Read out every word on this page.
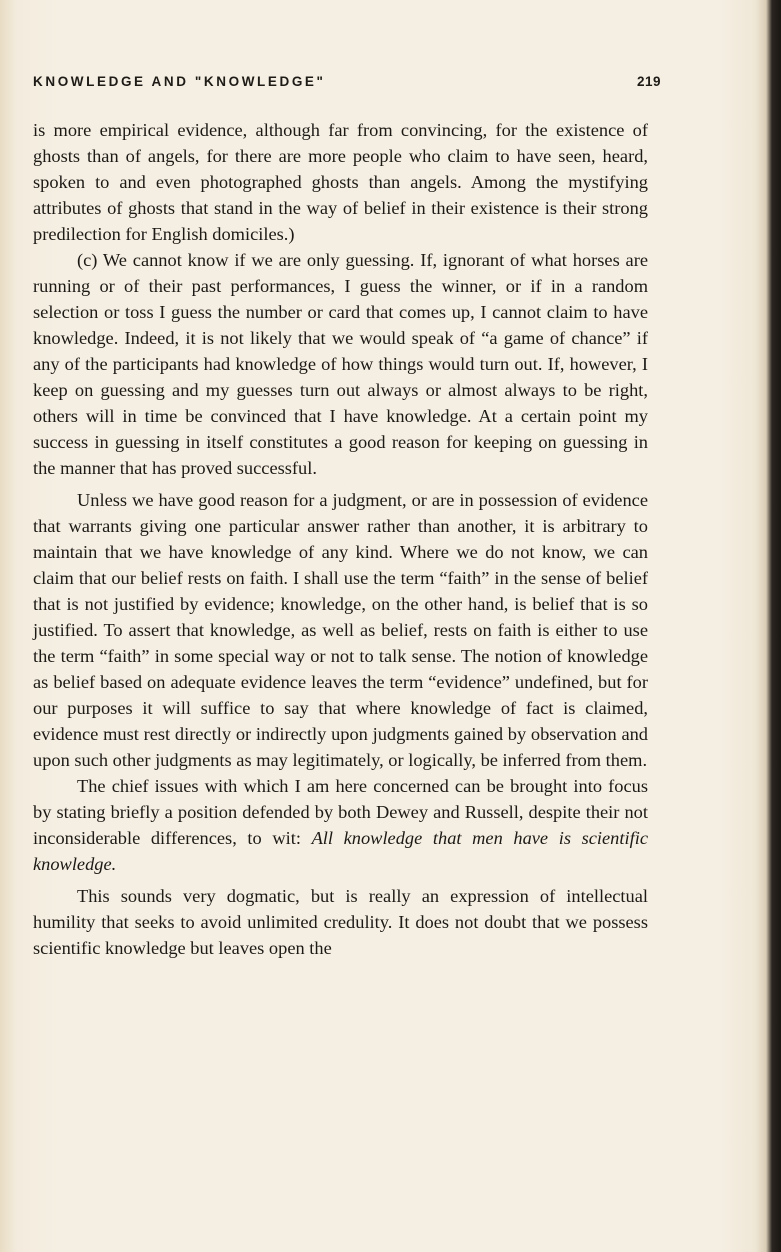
KNOWLEDGE AND "KNOWLEDGE"	219

is more empirical evidence, although far from convincing, for the existence of ghosts than of angels, for there are more people who claim to have seen, heard, spoken to and even photographed ghosts than angels. Among the mystifying attributes of ghosts that stand in the way of belief in their existence is their strong predilection for English domiciles.)

(c) We cannot know if we are only guessing. If, ignorant of what horses are running or of their past performances, I guess the winner, or if in a random selection or toss I guess the number or card that comes up, I cannot claim to have knowledge. Indeed, it is not likely that we would speak of “a game of chance” if any of the participants had knowledge of how things would turn out. If, however, I keep on guessing and my guesses turn out always or almost always to be right, others will in time be convinced that I have knowledge. At a certain point my success in guessing in itself constitutes a good reason for keeping on guessing in the manner that has proved successful.

Unless we have good reason for a judgment, or are in possession of evidence that warrants giving one particular answer rather than another, it is arbitrary to maintain that we have knowledge of any kind. Where we do not know, we can claim that our belief rests on faith. I shall use the term “faith” in the sense of belief that is not justified by evidence; knowledge, on the other hand, is belief that is so justified. To assert that knowledge, as well as belief, rests on faith is either to use the term “faith” in some special way or not to talk sense. The notion of knowledge as belief based on adequate evidence leaves the term “evidence” undefined, but for our purposes it will suffice to say that where knowledge of fact is claimed, evidence must rest directly or indirectly upon judgments gained by observation and upon such other judgments as may legitimately, or logically, be inferred from them.

The chief issues with which I am here concerned can be brought into focus by stating briefly a position defended by both Dewey and Russell, despite their not inconsiderable differences, to wit: All knowledge that men have is scientific knowledge.

This sounds very dogmatic, but is really an expression of intellectual humility that seeks to avoid unlimited credulity. It does not doubt that we possess scientific knowledge but leaves open the
